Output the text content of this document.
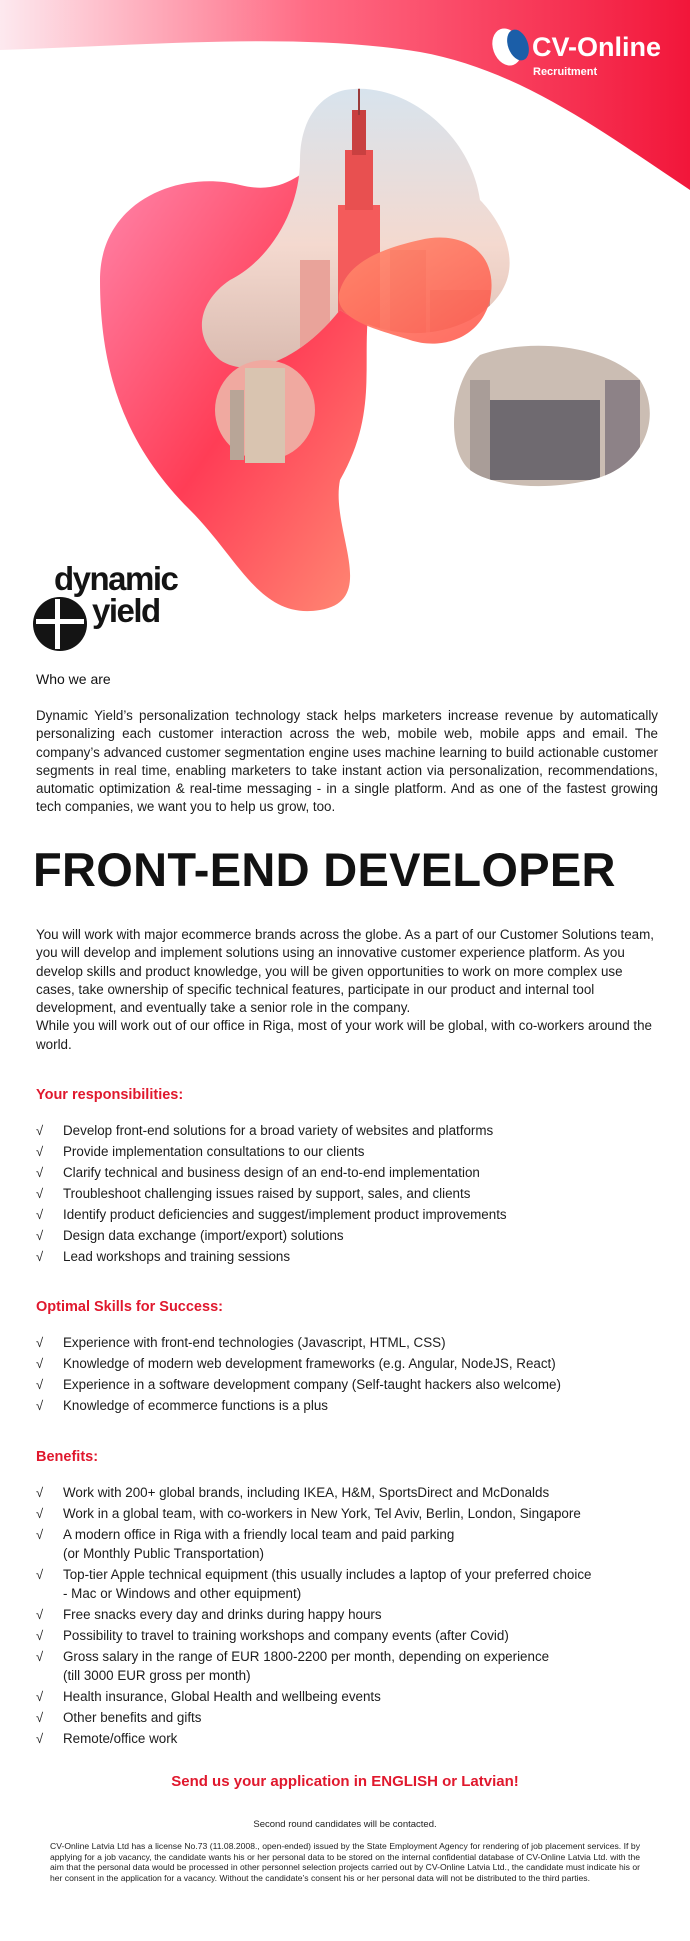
CV-Online
Recruitment
dynamic
yield
Who we are

Dynamic Yield’s personalization technology stack helps marketers increase revenue by automatically personalizing each customer interaction across the web, mobile web, mobile apps and email. The company’s advanced customer segmentation engine uses machine learning to build actionable customer segments in real time, enabling marketers to take instant action via personalization, recommendations, automatic optimization & real-time messaging - in a single platform. And as one of the fastest growing tech companies, we want you to help us grow, too.

FRONT-END DEVELOPER

You will work with major ecommerce brands across the globe. As a part of our Customer Solutions team, you will develop and implement solutions using an innovative customer experience platform. As you develop skills and product knowledge, you will be given opportunities to work on more complex use cases, take ownership of specific technical features, participate in our product and internal tool development, and eventually take a senior role in the company.

While you will work out of our office in Riga, most of your work will be global, with co-workers around the world.

Your responsibilities:
√ Develop front-end solutions for a broad variety of websites and platforms
√ Provide implementation consultations to our clients
√ Clarify technical and business design of an end-to-end implementation
√ Troubleshoot challenging issues raised by support, sales, and clients
√ Identify product deficiencies and suggest/implement product improvements
√ Design data exchange (import/export) solutions
√ Lead workshops and training sessions
Optimal Skills for Success:
√ Experience with front-end technologies (Javascript, HTML, CSS)
√ Knowledge of modern web development frameworks (e.g. Angular, NodeJS, React)
√ Experience in a software development company (Self-taught hackers also welcome)
√ Knowledge of ecommerce functions is a plus
Benefits:
√ Work with 200+ global brands, including IKEA, H&M, SportsDirect and McDonalds
√ Work in a global team, with co-workers in New York, Tel Aviv, Berlin, London, Singapore
√ A modern office in Riga with a friendly local team and paid parking
(or Monthly Public Transportation)
√ Top-tier Apple technical equipment (this usually includes a laptop of your preferred choice
- Mac or Windows and other equipment)
√ Free snacks every day and drinks during happy hours
√ Possibility to travel to training workshops and company events (after Covid)
√ Gross salary in the range of EUR 1800-2200 per month, depending on experience
(till 3000 EUR gross per month)
√ Health insurance, Global Health and wellbeing events
√ Other benefits and gifts
√ Remote/office work
Send us your application in ENGLISH or Latvian!
Second round candidates will be contacted.
CV-Online Latvia Ltd has a license No.73 (11.08.2008., open-ended) issued by the State Employment Agency for rendering of job placement services. If by applying for a job vacancy, the candidate wants his or her personal data to be stored on the internal confidential database of CV-Online Latvia Ltd. with the aim that the personal data would be processed in other personnel selection projects carried out by CV-Online Latvia Ltd., the candidate must indicate his or her consent in the application for a vacancy. Without the candidate’s consent his or her personal data will not be distributed to the third parties.
